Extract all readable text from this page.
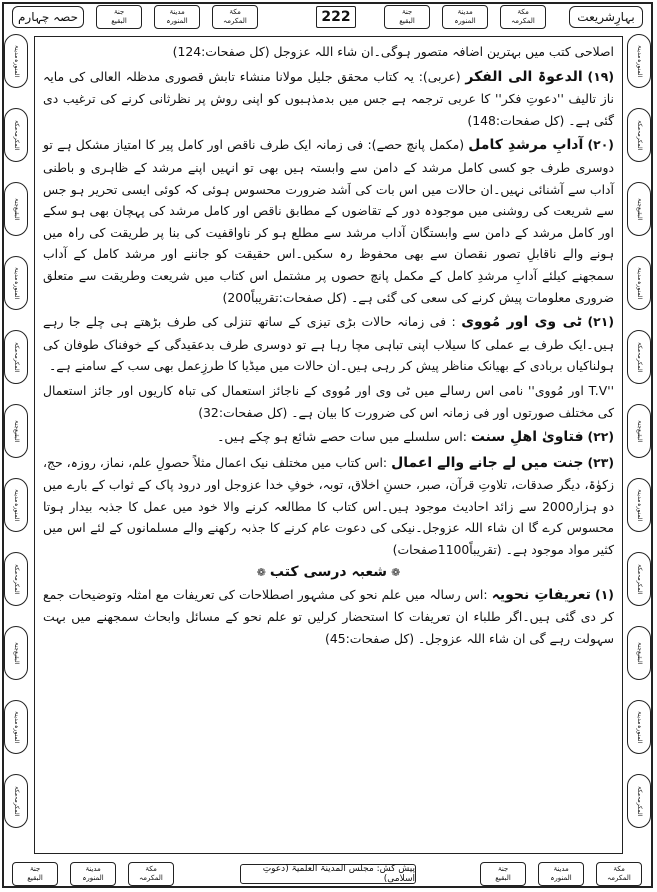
حصہ چہارم	جنۃ
البقیع
مدینۃ
المنورہ
مکۃ
المکرمہ	222	جنۃ
البقیع
مدینۃ
المنورہ
مکۃ
المکرمہ	بہارِشریعت
مدینۃ
المنورہ
مکۃ
المکرمہ
جنۃ
البقیع
مدینۃ
المنورہ
مکۃ
المکرمہ
جنۃ
البقیع
مدینۃ
المنورہ
مکۃ
المکرمہ
جنۃ
البقیع
مدینۃ
المنورہ
مکۃ
المکرمہ
مدینۃ
المنورہ
مکۃ
المکرمہ
جنۃ
البقیع
مدینۃ
المنورہ
مکۃ
المکرمہ
جنۃ
البقیع
مدینۃ
المنورہ
مکۃ
المکرمہ
جنۃ
البقیع
مدینۃ
المنورہ
مکۃ
المکرمہ

اصلاحی کتب میں بہترین اضافہ متصور ہوگی۔ان شاء اللہ عزوجل (کل صفحات:124)

(۱۹) الدعوۃ الی الفکر (عربی): یہ کتاب محقق جلیل مولانا منشاء تابش قصوری مدظلہ العالی کی مایہ ناز تالیف ''دعوتِ فکر'' کا عربی ترجمہ ہے جس میں بدمذہبوں کو اپنی روش پر نظرثانی کرنے کی ترغیب دی گئی ہے۔ (کل صفحات:148)

(۲۰) آدابِ مرشدِ کامل (مکمل پانچ حصے): فی زمانہ ایک طرف ناقص اور کامل پیر کا امتیاز مشکل ہے تو دوسری طرف جو کسی کامل مرشد کے دامن سے وابستہ ہیں بھی تو انہیں اپنے مرشد کے ظاہری و باطنی آداب سے آشنائی نہیں۔ان حالات میں اس بات کی اَشد ضرورت محسوس ہوئی کہ کوئی ایسی تحریر ہو جس سے شریعت کی روشنی میں موجودہ دور کے تقاضوں کے مطابق ناقص اور کامل مرشد کی پہچان بھی ہو سکے اور کامل مرشد کے دامن سے وابستگان آداب مرشد سے مطلع ہو کر ناواقفیت کی بنا پر طریقت کی راہ میں ہونے والے ناقابلِ تصور نقصان سے بھی محفوظ رہ سکیں۔اس حقیقت کو جاننے اور مرشد کامل کے آداب سمجھنے کیلئے آدابِ مرشدِ کامل کے مکمل پانچ حصوں پر مشتمل اس کتاب میں شریعت وطریقت سے متعلق ضروری معلومات پیش کرنے کی سعی کی گئی ہے۔ (کل صفحات:تقریباً200)

(۲۱) ٹی وی اور مُووی : فی زمانہ حالات بڑی تیزی کے ساتھ تنزلی کی طرف بڑھتے ہی چلے جا رہے ہیں۔ایک طرف بے عملی کا سیلاب اپنی تباہی مچا رہا ہے تو دوسری طرف بدعقیدگی کے خوفناک طوفان کی ہولناکیاں بربادی کے بھیانک مناظر پیش کر رہی ہیں۔ان حالات میں میڈیا کا طرزِعمل بھی سب کے سامنے ہے۔

''T.V اور مُووی'' نامی اس رسالے میں ٹی وی اور مُووی کے ناجائز استعمال کی تباہ کاریوں اور جائز استعمال کی مختلف صورتوں اور فی زمانہ اس کی ضرورت کا بیان ہے۔ (کل صفحات:32)

(۲۲) فتاویٰ اھلِ سنت :اس سلسلے میں سات حصے شائع ہو چکے ہیں۔

(۲۳) جنت میں لے جانے والے اعمال :اس کتاب میں مختلف نیک اعمال مثلاً حصولِ علم، نماز، روزہ، حج، زکوٰۃ، دیگر صدقات، تلاوتِ قرآن، صبر، حسنِ اخلاق، توبہ، خوفِ خدا عزوجل اور درود پاک کے ثواب کے بارے میں دو ہزار2000 سے زائد احادیث موجود ہیں۔اس کتاب کا مطالعہ کرنے والا خود میں عمل کا جذبہ بیدار ہوتا محسوس کرے گا ان شاء اللہ عزوجل۔نیکی کی دعوت عام کرنے کا جذبہ رکھنے والے مسلمانوں کے لئے اس میں کثیر مواد موجود ہے۔ (تقریباً1100صفحات)

❁شعبہ درسی کتب❁

(۱) تعریفاتِ نحویہ :اس رسالہ میں علم نحو کی مشہور اصطلاحات کی تعریفات مع امثلہ وتوضیحات جمع کر دی گئی ہیں۔اگر طلباء ان تعریفات کا استحضار کرلیں تو علم نحو کے مسائل وابحاث سمجھنے میں بہت سہولت رہے گی ان شاء اللہ عزوجل۔ (کل صفحات:45)

جنۃ
البقیع
مدینۃ
المنورہ
مکۃ
المکرمہ
پیش کش: مجلس المدینۃ العلمیۃ (دعوتِ اسلامی)
جنۃ
البقیع
مدینۃ
المنورہ
مکۃ
المکرمہ
